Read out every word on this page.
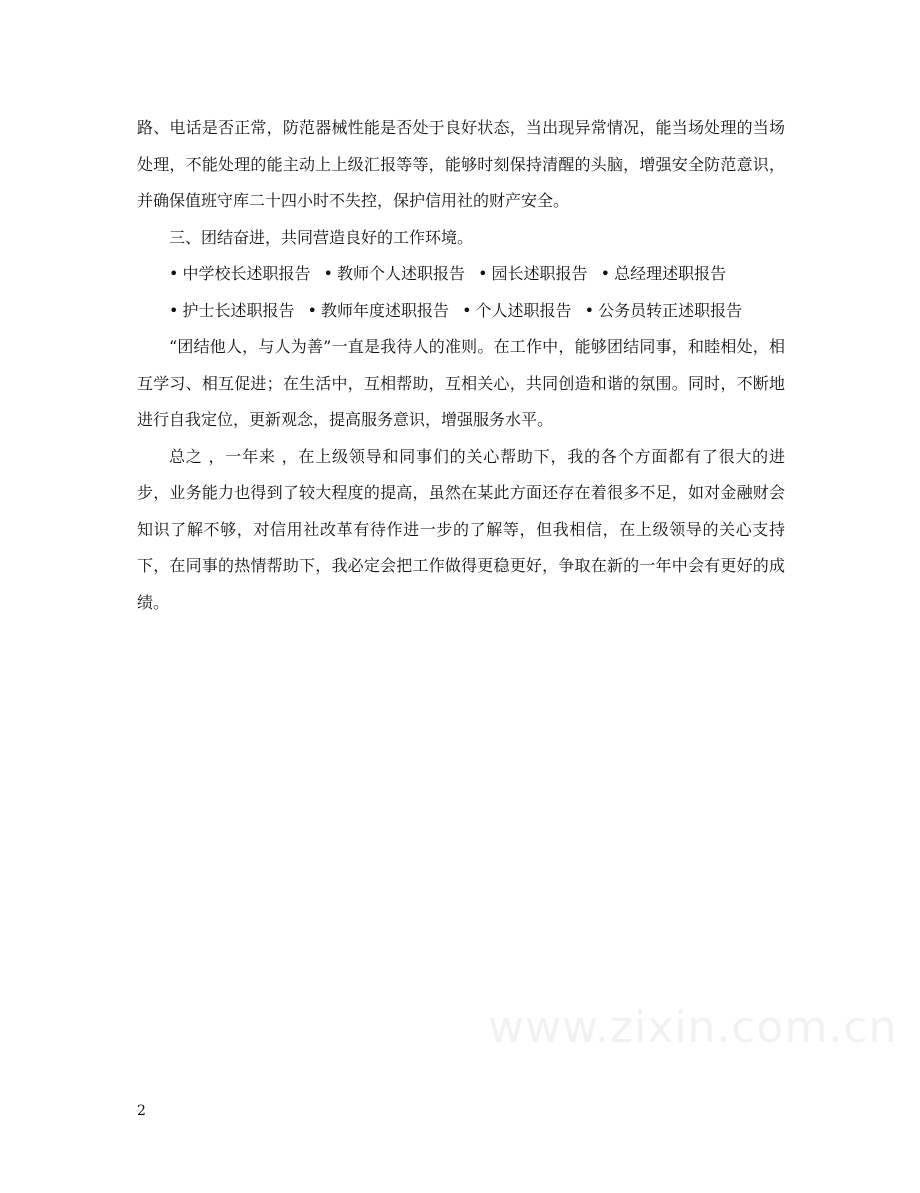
路、电话是否正常，防范器械性能是否处于良好状态，当出现异常情况，能当场处理的当场处理，不能处理的能主动上上级汇报等等，能够时刻保持清醒的头脑，增强安全防范意识，并确保值班守库二十四小时不失控，保护信用社的财产安全。

三、团结奋进，共同营造良好的工作环境。

• 中学校长述职报告 • 教师个人述职报告 • 园长述职报告 • 总经理述职报告

• 护士长述职报告 • 教师年度述职报告 • 个人述职报告 • 公务员转正述职报告

“团结他人，与人为善”一直是我待人的准则。在工作中，能够团结同事，和睦相处，相互学习、相互促进；在生活中，互相帮助，互相关心，共同创造和谐的氛围。同时，不断地进行自我定位，更新观念，提高服务意识，增强服务水平。

总之 ，一年来 ，在上级领导和同事们的关心帮助下，我的各个方面都有了很大的进步，业务能力也得到了较大程度的提高，虽然在某此方面还存在着很多不足，如对金融财会知识了解不够，对信用社改革有待作进一步的了解等，但我相信，在上级领导的关心支持下，在同事的热情帮助下，我必定会把工作做得更稳更好，争取在新的一年中会有更好的成绩。

www.zixin.com.cn
2
